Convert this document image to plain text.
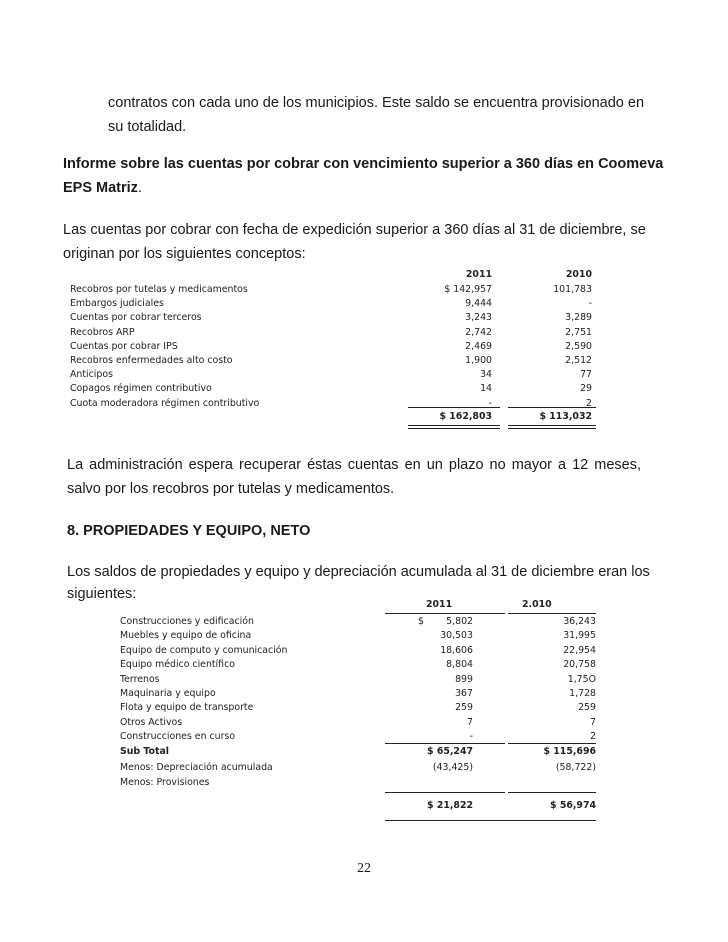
contratos con cada uno de los municipios. Este saldo se encuentra provisionado en
su totalidad.
Informe sobre las cuentas por cobrar con vencimiento superior a 360 días en Coomeva
EPS Matriz.
Las cuentas por cobrar con fecha de expedición superior a 360 días al 31 de diciembre, se
originan por los siguientes conceptos:
2011	2010
Recobros por tutelas y medicamentos	$ 142,957	101,783
Embargos judiciales	9,444	-
Cuentas por cobrar terceros	3,243	3,289
Recobros ARP	2,742	2,751
Cuentas por cobrar IPS	2,469	2,590
Recobros enfermedades alto costo	1,900	2,512
Anticipos	34	77
Copagos régimen contributivo	14	29
Cuota moderadora régimen contributivo	-	2
$ 162,803	$ 113,032
La administración espera recuperar éstas cuentas en un plazo no mayor a 12 meses,
salvo por los recobros por tutelas y medicamentos.
8. PROPIEDADES Y EQUIPO, NETO
Los saldos de propiedades y equipo y depreciación acumulada al 31 de diciembre eran los
siguientes:
2011	2.010
Construcciones y edificación	$ 5,802	36,243
Muebles y equipo de oficina	30,503	31,995
Equipo de computo y comunicación	18,606	22,954
Equipo médico científico	8,804	20,758
Terrenos	899	1,75O
Maquinaria y equipo	367	1,728
Flota y equipo de transporte	259	259
Otros Activos	7	7
Construcciones en curso	-	2
Sub Total	$ 65,247	$ 115,696
Menos: Depreciación acumulada	(43,425)	(58,722)
Menos: Provisiones
$ 21,822	$ 56,974
22
